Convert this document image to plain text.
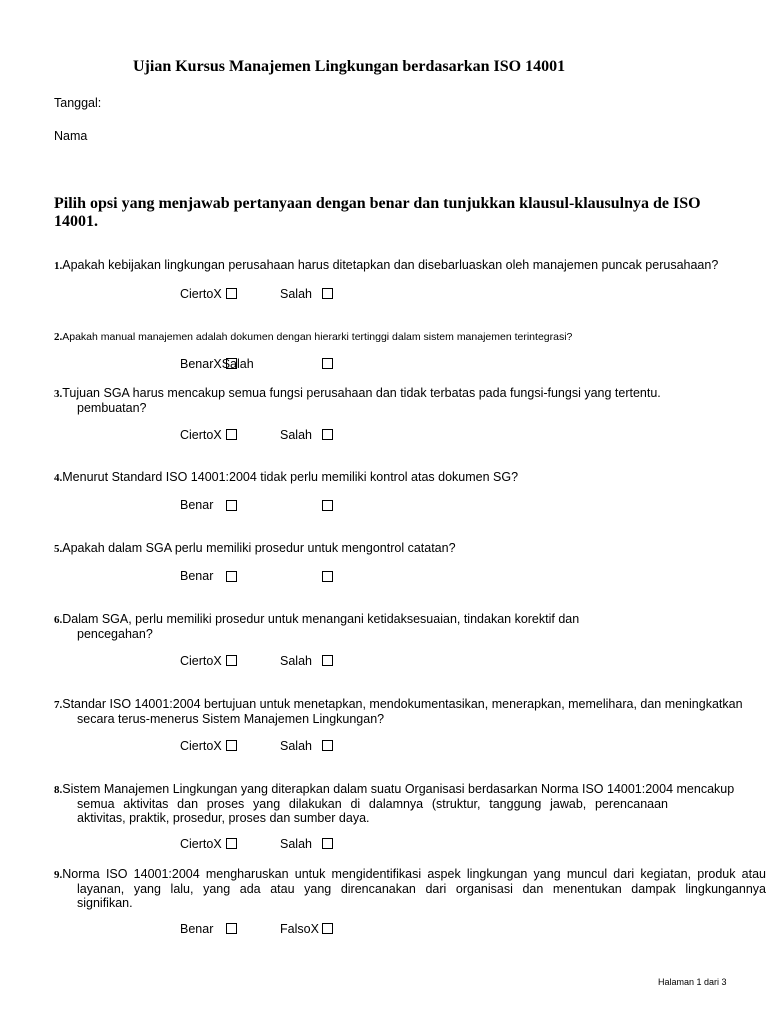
Ujian Kursus Manajemen Lingkungan berdasarkan ISO 14001
Tanggal:
Nama
Pilih opsi yang menjawab pertanyaan dengan benar dan tunjukkan klausul-klausulnya de ISO 14001.
1.Apakah kebijakan lingkungan perusahaan harus ditetapkan dan disebarluaskan oleh manajemen puncak perusahaan?
CiertoX	Salah
2.Apakah manual manajemen adalah dokumen dengan hierarki tertinggi dalam sistem manajemen terintegrasi?
BenarXSalah
3.Tujuan SGA harus mencakup semua fungsi perusahaan dan tidak terbatas pada fungsi-fungsi yang tertentu.
pembuatan?
CiertoX	Salah
4.Menurut Standard ISO 14001:2004 tidak perlu memiliki kontrol atas dokumen SG?
Benar
5.Apakah dalam SGA perlu memiliki prosedur untuk mengontrol catatan?
Benar
6.Dalam SGA, perlu memiliki prosedur untuk menangani ketidaksesuaian, tindakan korektif dan
pencegahan?
CiertoX	Salah
7.Standar ISO 14001:2004 bertujuan untuk menetapkan, mendokumentasikan, menerapkan, memelihara, dan meningkatkan
secara terus-menerus Sistem Manajemen Lingkungan?
CiertoX	Salah
8.Sistem Manajemen Lingkungan yang diterapkan dalam suatu Organisasi berdasarkan Norma ISO 14001:2004 mencakup
semua aktivitas dan proses yang dilakukan di dalamnya (struktur, tanggung jawab, perencanaan
aktivitas, praktik, prosedur, proses dan sumber daya.
CiertoX	Salah
9.Norma ISO 14001:2004 mengharuskan untuk mengidentifikasi aspek lingkungan yang muncul dari kegiatan, produk atau
layanan, yang lalu, yang ada atau yang direncanakan dari organisasi dan menentukan dampak lingkungannya
signifikan.
Benar	FalsoX
Halaman 1 dari 3
